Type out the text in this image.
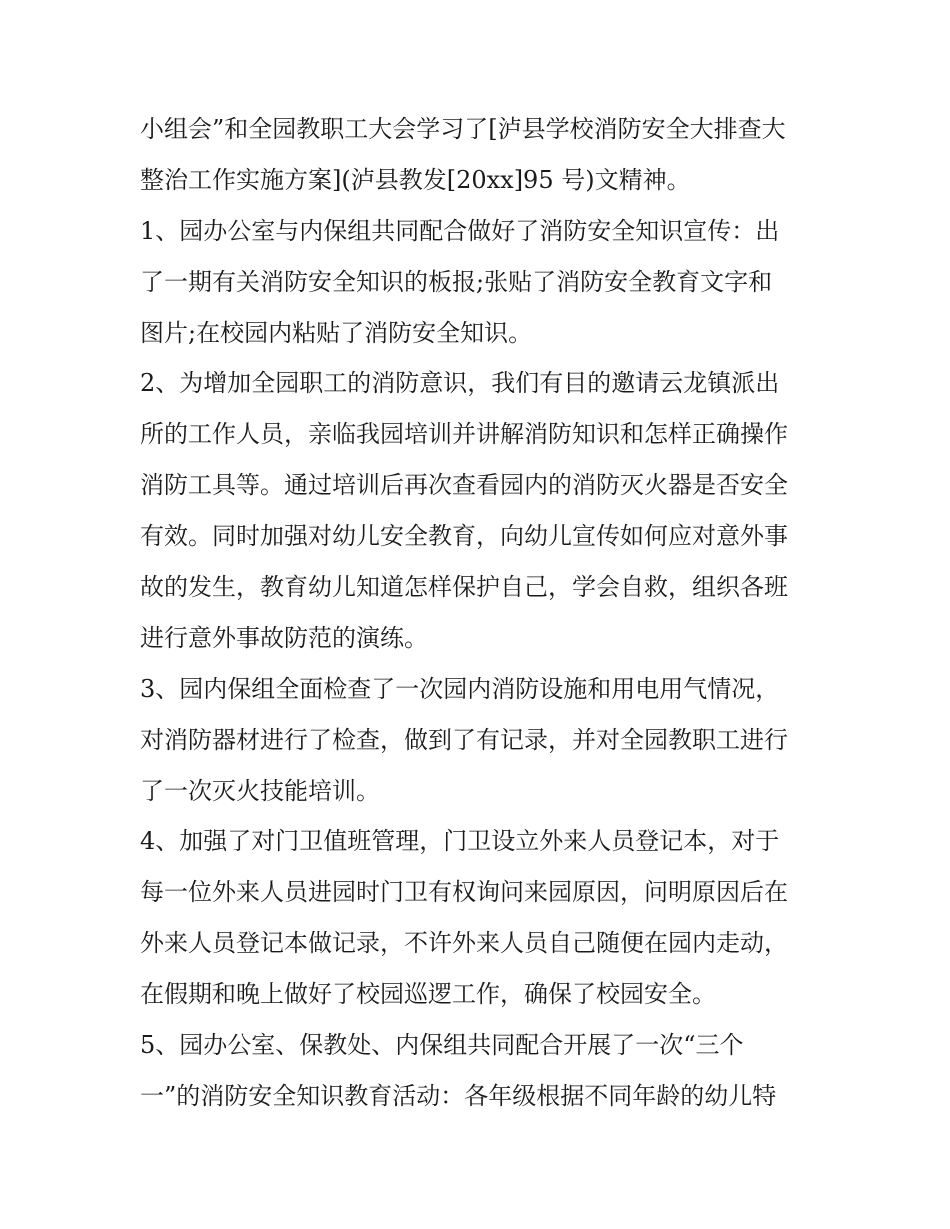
小组会”和全园教职工大会学习了[泸县学校消防安全大排查大
整治工作实施方案](泸县教发[20xx]95 号)文精神。
1、园办公室与内保组共同配合做好了消防安全知识宣传：出
了一期有关消防安全知识的板报;张贴了消防安全教育文字和
图片;在校园内粘贴了消防安全知识。
2、为增加全园职工的消防意识，我们有目的邀请云龙镇派出
所的工作人员，亲临我园培训并讲解消防知识和怎样正确操作
消防工具等。通过培训后再次查看园内的消防灭火器是否安全
有效。同时加强对幼儿安全教育，向幼儿宣传如何应对意外事
故的发生，教育幼儿知道怎样保护自己，学会自救，组织各班
进行意外事故防范的演练。
3、园内保组全面检查了一次园内消防设施和用电用气情况，
对消防器材进行了检查，做到了有记录，并对全园教职工进行
了一次灭火技能培训。
4、加强了对门卫值班管理，门卫设立外来人员登记本，对于
每一位外来人员进园时门卫有权询问来园原因，问明原因后在
外来人员登记本做记录，不许外来人员自己随便在园内走动，
在假期和晚上做好了校园巡逻工作，确保了校园安全。
5、园办公室、保教处、内保组共同配合开展了一次“三个
一”的消防安全知识教育活动：各年级根据不同年龄的幼儿特
